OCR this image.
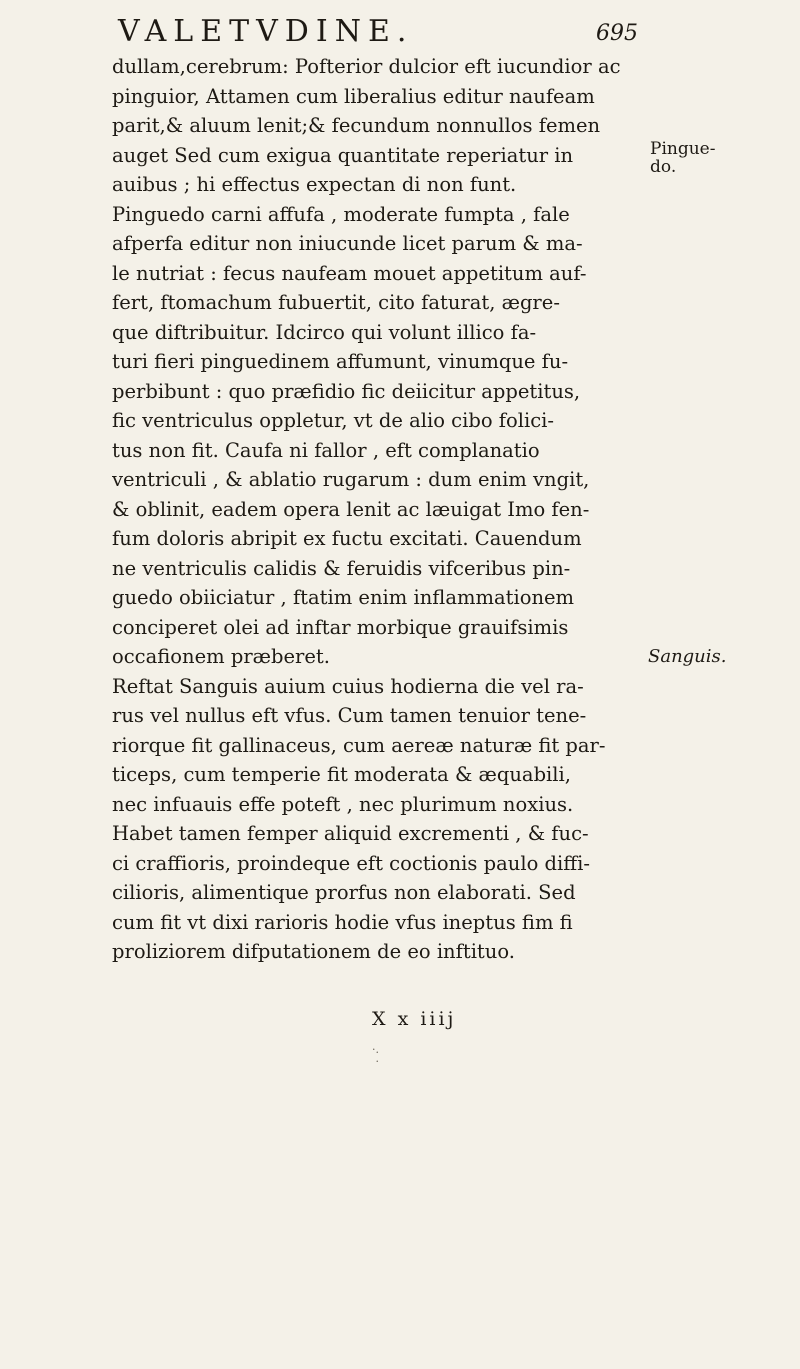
VALETVDINE.	695
dullam,cerebrum: Pofterior dulcior eft iucundior ac
pinguior, Attamen cum liberalius editur naufeam
parit,& aluum lenit;& fecundum nonnullos femen
auget Sed cum exigua quantitate reperiatur in
auibus ; hi effectus expectan di non funt.
Pinguedo carni affufa , moderate fumpta , fale
afperfa editur non iniucunde licet parum & ma-
le nutriat : fecus naufeam mouet appetitum auf-
fert, ftomachum fubuertit, cito faturat, ægre-
que diftribuitur. Idcirco qui volunt illico fa-
turi fieri pinguedinem affumunt, vinumque fu-
perbibunt : quo præfidio fic deiicitur appetitus,
fic ventriculus oppletur, vt de alio cibo folici-
tus non fit. Caufa ni fallor , eft complanatio
ventriculi , & ablatio rugarum : dum enim vngit,
& oblinit, eadem opera lenit ac læuigat Imo fen-
fum doloris abripit ex fuctu excitati. Cauendum
ne ventriculis calidis & feruidis vifceribus pin-
guedo obiiciatur , ftatim enim inflammationem
conciperet olei ad inftar morbique grauifsimis
occafionem præberet.
Reftat Sanguis auium cuius hodierna die vel ra-
rus vel nullus eft vfus. Cum tamen tenuior tene-
riorque fit gallinaceus, cum aereæ naturæ fit par-
ticeps, cum temperie fit moderata & æquabili,
nec infuauis effe poteft , nec plurimum noxius.
Habet tamen femper aliquid excrementi , & fuc-
ci craffioris, proindeque eft coctionis paulo diffi-
cilioris, alimentique prorfus non elaborati. Sed
cum fit vt dixi rarioris hodie vfus ineptus fim fi
proliziorem difputationem de eo inftituo.
Pingue-
do.
Sanguis.
X x iiij
·.
·
